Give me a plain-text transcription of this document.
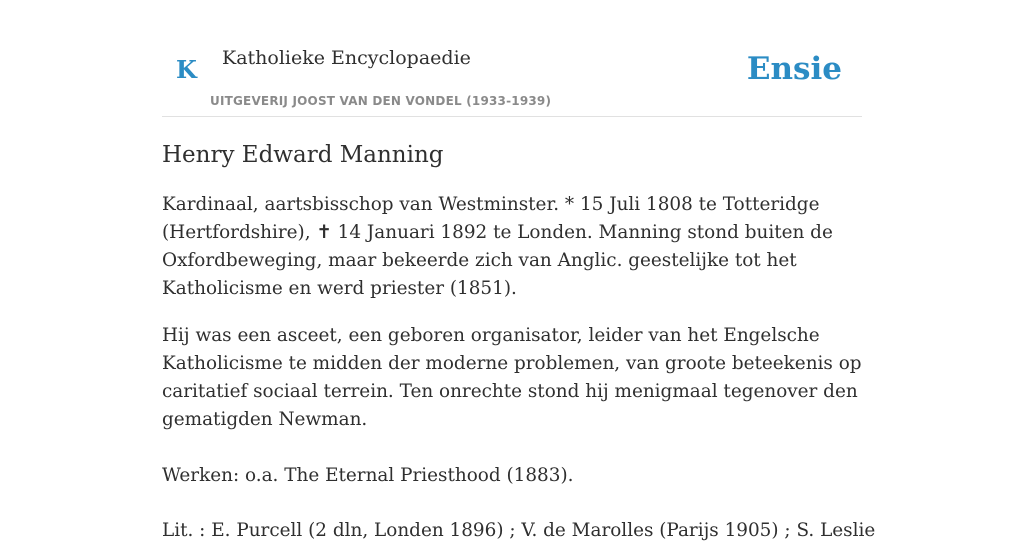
K Katholieke Encyclopaedie
UITGEVERIJ JOOST VAN DEN VONDEL (1933-1939)
Ensie
Henry Edward Manning

Kardinaal, aartsbisschop van Westminster. * 15 Juli 1808 te Totteridge (Hertfordshire), ✝ 14 Januari 1892 te Londen. Manning stond buiten de Oxfordbeweging, maar bekeerde zich van Anglic. geestelijke tot het Katholicisme en werd priester (1851).

Hij was een asceet, een geboren organisator, leider van het Engelsche Katholicisme te midden der moderne problemen, van groote beteekenis op caritatief sociaal terrein. Ten onrechte stond hij menigmaal tegenover den gematigden Newman.

Werken: o.a. The Eternal Priesthood (1883).

Lit. : E. Purcell (2 dln, Londen 1896) ; V. de Marolles (Parijs 1905) ; S. Leslie
